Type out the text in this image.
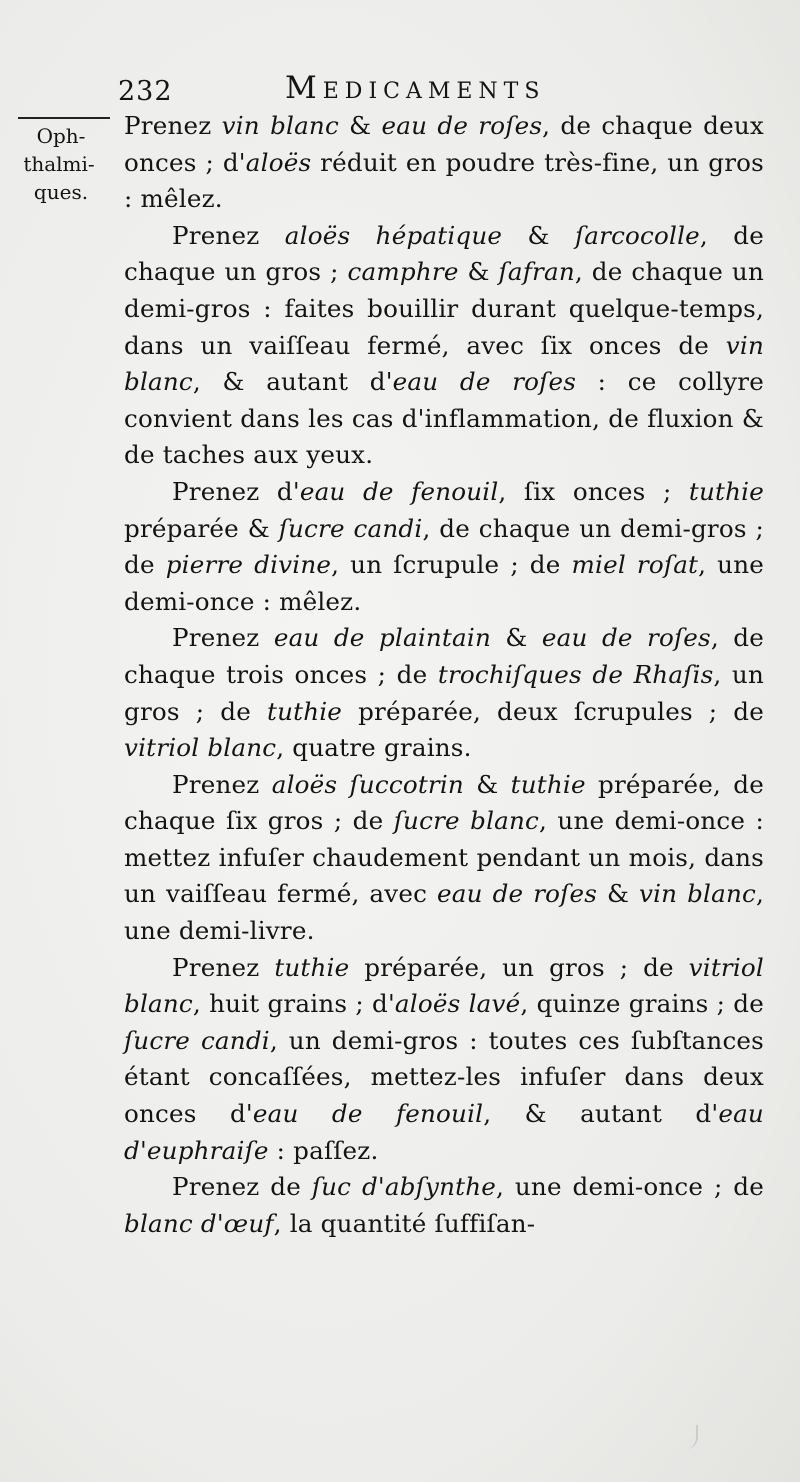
232	Medicaments
Oph-
thalmi-
ques.

Prenez vin blanc & eau de roſes, de chaque deux onces ; d'aloës réduit en poudre très-fine, un gros : mêlez.

Prenez aloës hépatique & ſarcocolle, de chaque un gros ; camphre & ſafran, de chaque un demi-gros : faites bouillir durant quelque-temps, dans un vaiſſeau fermé, avec ſix onces de vin blanc, & autant d'eau de roſes : ce collyre convient dans les cas d'inflammation, de fluxion & de taches aux yeux.

Prenez d'eau de fenouil, ſix onces ; tuthie préparée & ſucre candi, de chaque un demi-gros ; de pierre divine, un ſcrupule ; de miel roſat, une demi-once : mêlez.

Prenez eau de plaintain & eau de roſes, de chaque trois onces ; de trochiſques de Rhaſis, un gros ; de tuthie préparée, deux ſcrupules ; de vitriol blanc, quatre grains.

Prenez aloës ſuccotrin & tuthie préparée, de chaque ſix gros ; de ſucre blanc, une demi-once : mettez infuſer chaudement pendant un mois, dans un vaiſſeau fermé, avec eau de roſes & vin blanc, une demi-livre.

Prenez tuthie préparée, un gros ; de vitriol blanc, huit grains ; d'aloës lavé, quinze grains ; de ſucre candi, un demi-gros : toutes ces ſubſtances étant concaſſées, mettez-les infuſer dans deux onces d'eau de fenouil, & autant d'eau d'euphraiſe : paſſez.

Prenez de ſuc d'abſynthe, une demi-once ; de blanc d'œuf, la quantité ſuffiſan-
